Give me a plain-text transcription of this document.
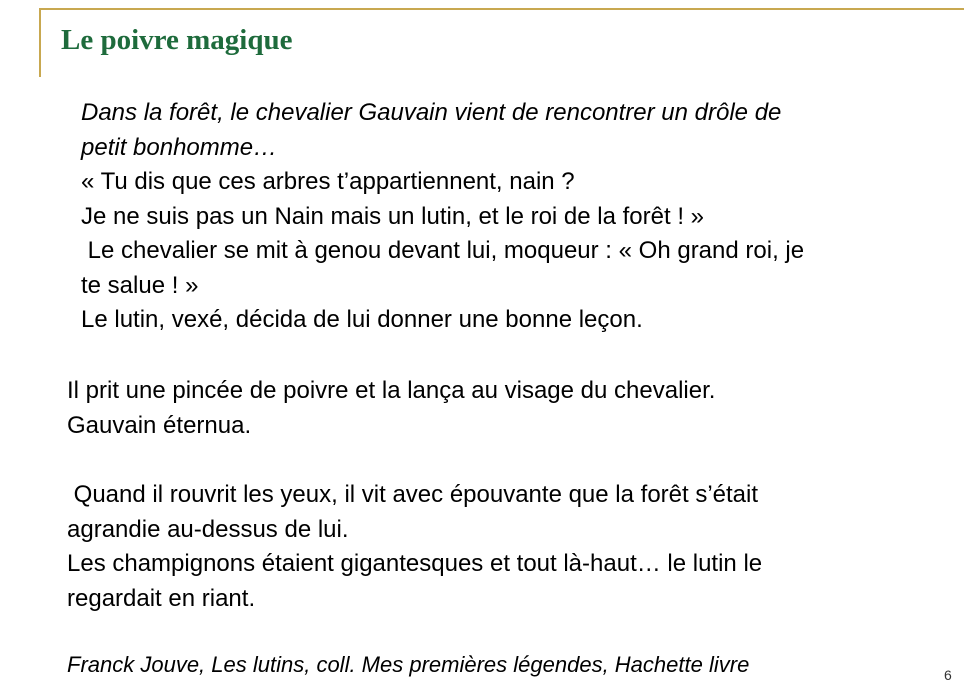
Le poivre magique
Dans la forêt, le chevalier Gauvain vient de rencontrer un drôle de
petit bonhomme…
« Tu dis que ces arbres t’appartiennent, nain ?
Je ne suis pas un Nain mais un lutin, et le roi de la forêt ! »
Le chevalier se mit à genou devant lui, moqueur : « Oh grand roi, je
te salue ! »
Le lutin, vexé, décida de lui donner une bonne leçon.
Il prit une pincée de poivre et la lança au visage du chevalier.
Gauvain éternua.
Quand il rouvrit les yeux, il vit avec épouvante que la forêt s’était
agrandie au-dessus de lui.
Les champignons étaient gigantesques et tout là-haut… le lutin le
regardait en riant.

Franck Jouve, Les lutins, coll. Mes premières légendes, Hachette livre	6
